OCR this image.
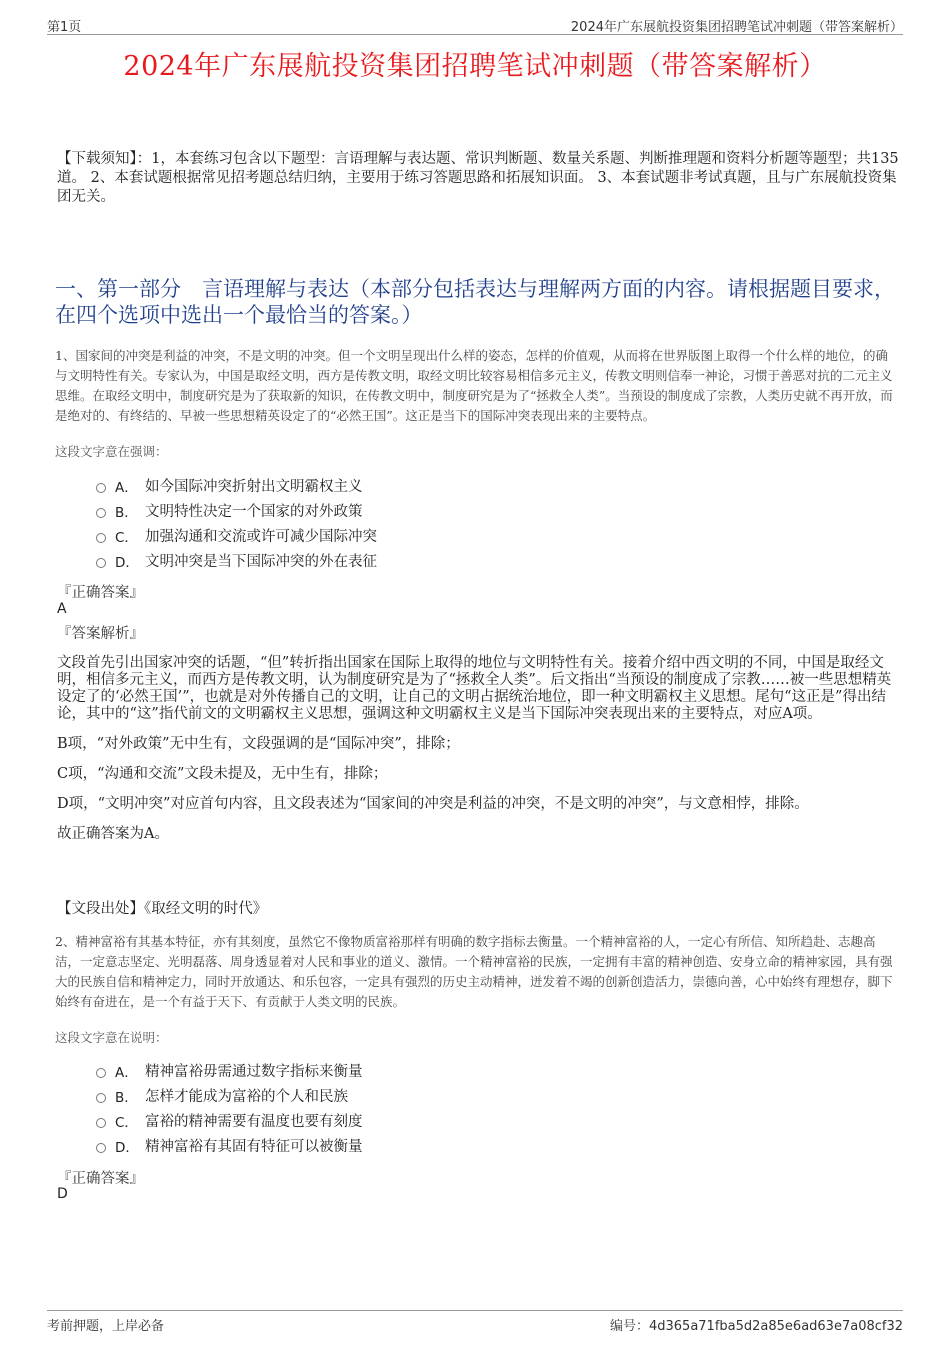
第1页	2024年广东展航投资集团招聘笔试冲刺题（带答案解析）
2024年广东展航投资集团招聘笔试冲刺题（带答案解析）
【下载须知】：1，本套练习包含以下题型：言语理解与表达题、常识判断题、数量关系题、判断推理题和资料分析题等题型；共135道。 2、本套试题根据常见招考题总结归纳，主要用于练习答题思路和拓展知识面。 3、本套试题非考试真题，且与广东展航投资集团无关。
一、第一部分　言语理解与表达（本部分包括表达与理解两方面的内容。请根据题目要求，在四个选项中选出一个最恰当的答案。）
1、国家间的冲突是利益的冲突，不是文明的冲突。但一个文明呈现出什么样的姿态，怎样的价值观，从而将在世界版图上取得一个什么样的地位，的确与文明特性有关。专家认为，中国是取经文明，西方是传教文明，取经文明比较容易相信多元主义，传教文明则信奉一神论，习惯于善恶对抗的二元主义思维。在取经文明中，制度研究是为了获取新的知识，在传教文明中，制度研究是为了“拯救全人类”。当预设的制度成了宗教，人类历史就不再开放，而是绝对的、有终结的、早被一些思想精英设定了的“必然王国”。这正是当下的国际冲突表现出来的主要特点。
这段文字意在强调：
A． 如今国际冲突折射出文明霸权主义
B． 文明特性决定一个国家的对外政策
C． 加强沟通和交流或许可减少国际冲突
D． 文明冲突是当下国际冲突的外在表征
『正确答案』
A
『答案解析』

文段首先引出国家冲突的话题，“但”转折指出国家在国际上取得的地位与文明特性有关。接着介绍中西文明的不同，中国是取经文明，相信多元主义，而西方是传教文明，认为制度研究是为了“拯救全人类”。后文指出“当预设的制度成了宗教……被一些思想精英设定了的‘必然王国’”，也就是对外传播自己的文明，让自己的文明占据统治地位，即一种文明霸权主义思想。尾句“这正是”得出结论，其中的“这”指代前文的文明霸权主义思想，强调这种文明霸权主义是当下国际冲突表现出来的主要特点，对应A项。

B项，“对外政策”无中生有，文段强调的是“国际冲突”，排除；

C项，“沟通和交流”文段未提及，无中生有，排除；

D项，“文明冲突”对应首句内容，且文段表述为“国家间的冲突是利益的冲突，不是文明的冲突”，与文意相悖，排除。

故正确答案为A。

【文段出处】《取经文明的时代》
2、精神富裕有其基本特征，亦有其刻度，虽然它不像物质富裕那样有明确的数字指标去衡量。一个精神富裕的人，一定心有所信、知所趋赴、志趣高洁，一定意志坚定、光明磊落、周身透显着对人民和事业的道义、激情。一个精神富裕的民族，一定拥有丰富的精神创造、安身立命的精神家园，具有强大的民族自信和精神定力，同时开放通达、和乐包容，一定具有强烈的历史主动精神，迸发着不竭的创新创造活力，崇德向善，心中始终有理想存，脚下始终有奋进在，是一个有益于天下、有贡献于人类文明的民族。
这段文字意在说明：
A． 精神富裕毋需通过数字指标来衡量
B． 怎样才能成为富裕的个人和民族
C． 富裕的精神需要有温度也要有刻度
D． 精神富裕有其固有特征可以被衡量
『正确答案』
D
考前押题，上岸必备	编号：4d365a71fba5d2a85e6ad63e7a08cf32
